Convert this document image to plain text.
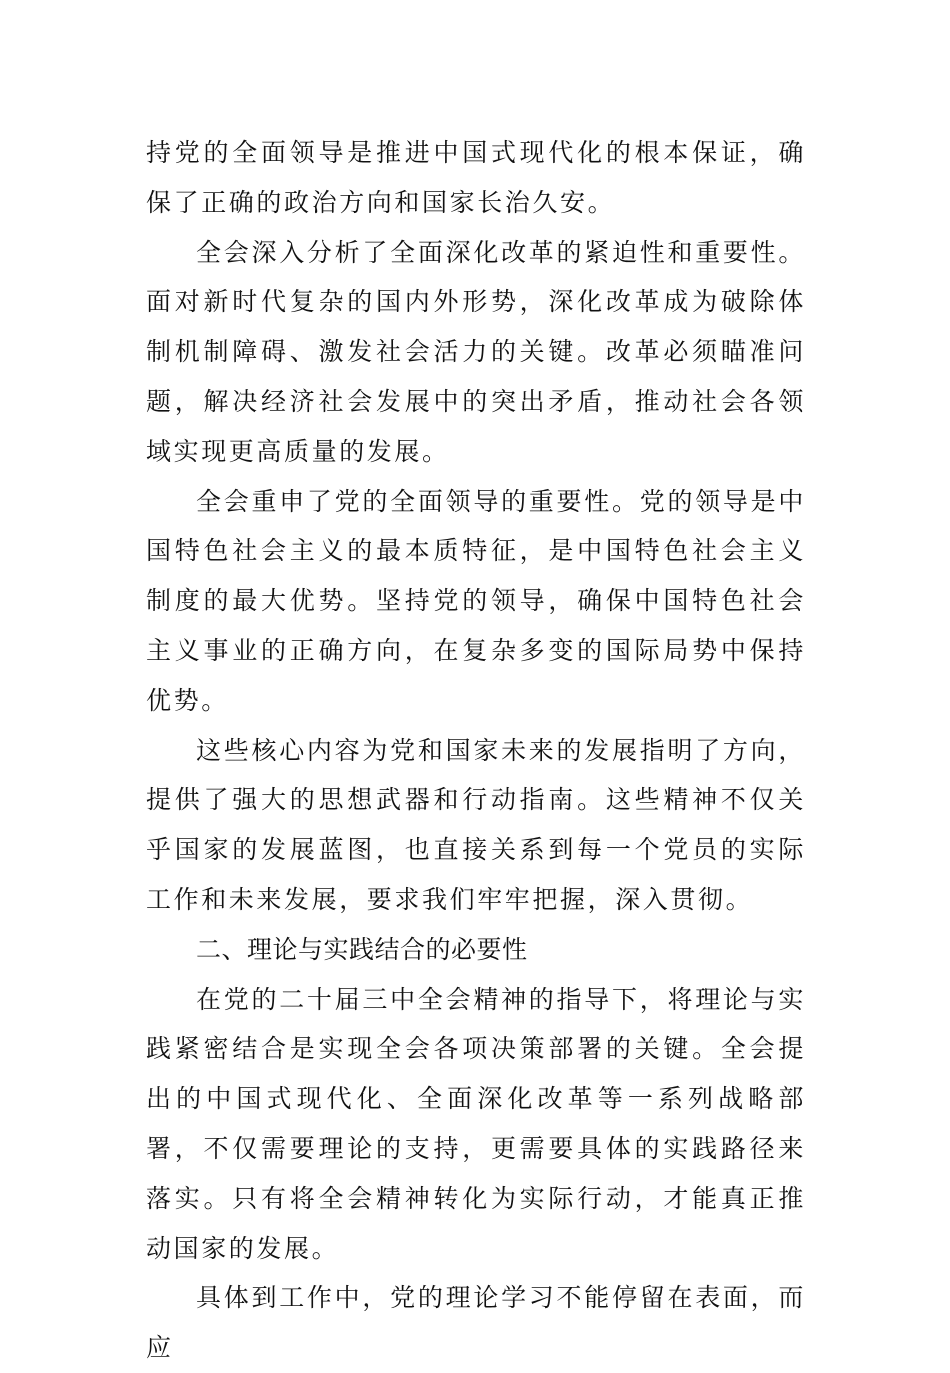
持党的全面领导是推进中国式现代化的根本保证，确保了正确的政治方向和国家长治久安。

全会深入分析了全面深化改革的紧迫性和重要性。面对新时代复杂的国内外形势，深化改革成为破除体制机制障碍、激发社会活力的关键。改革必须瞄准问题，解决经济社会发展中的突出矛盾，推动社会各领域实现更高质量的发展。

全会重申了党的全面领导的重要性。党的领导是中国特色社会主义的最本质特征，是中国特色社会主义制度的最大优势。坚持党的领导，确保中国特色社会主义事业的正确方向，在复杂多变的国际局势中保持优势。

这些核心内容为党和国家未来的发展指明了方向，提供了强大的思想武器和行动指南。这些精神不仅关乎国家的发展蓝图，也直接关系到每一个党员的实际工作和未来发展，要求我们牢牢把握，深入贯彻。

二、理论与实践结合的必要性

在党的二十届三中全会精神的指导下，将理论与实践紧密结合是实现全会各项决策部署的关键。全会提出的中国式现代化、全面深化改革等一系列战略部署，不仅需要理论的支持，更需要具体的实践路径来落实。只有将全会精神转化为实际行动，才能真正推动国家的发展。

具体到工作中，党的理论学习不能停留在表面，而应
